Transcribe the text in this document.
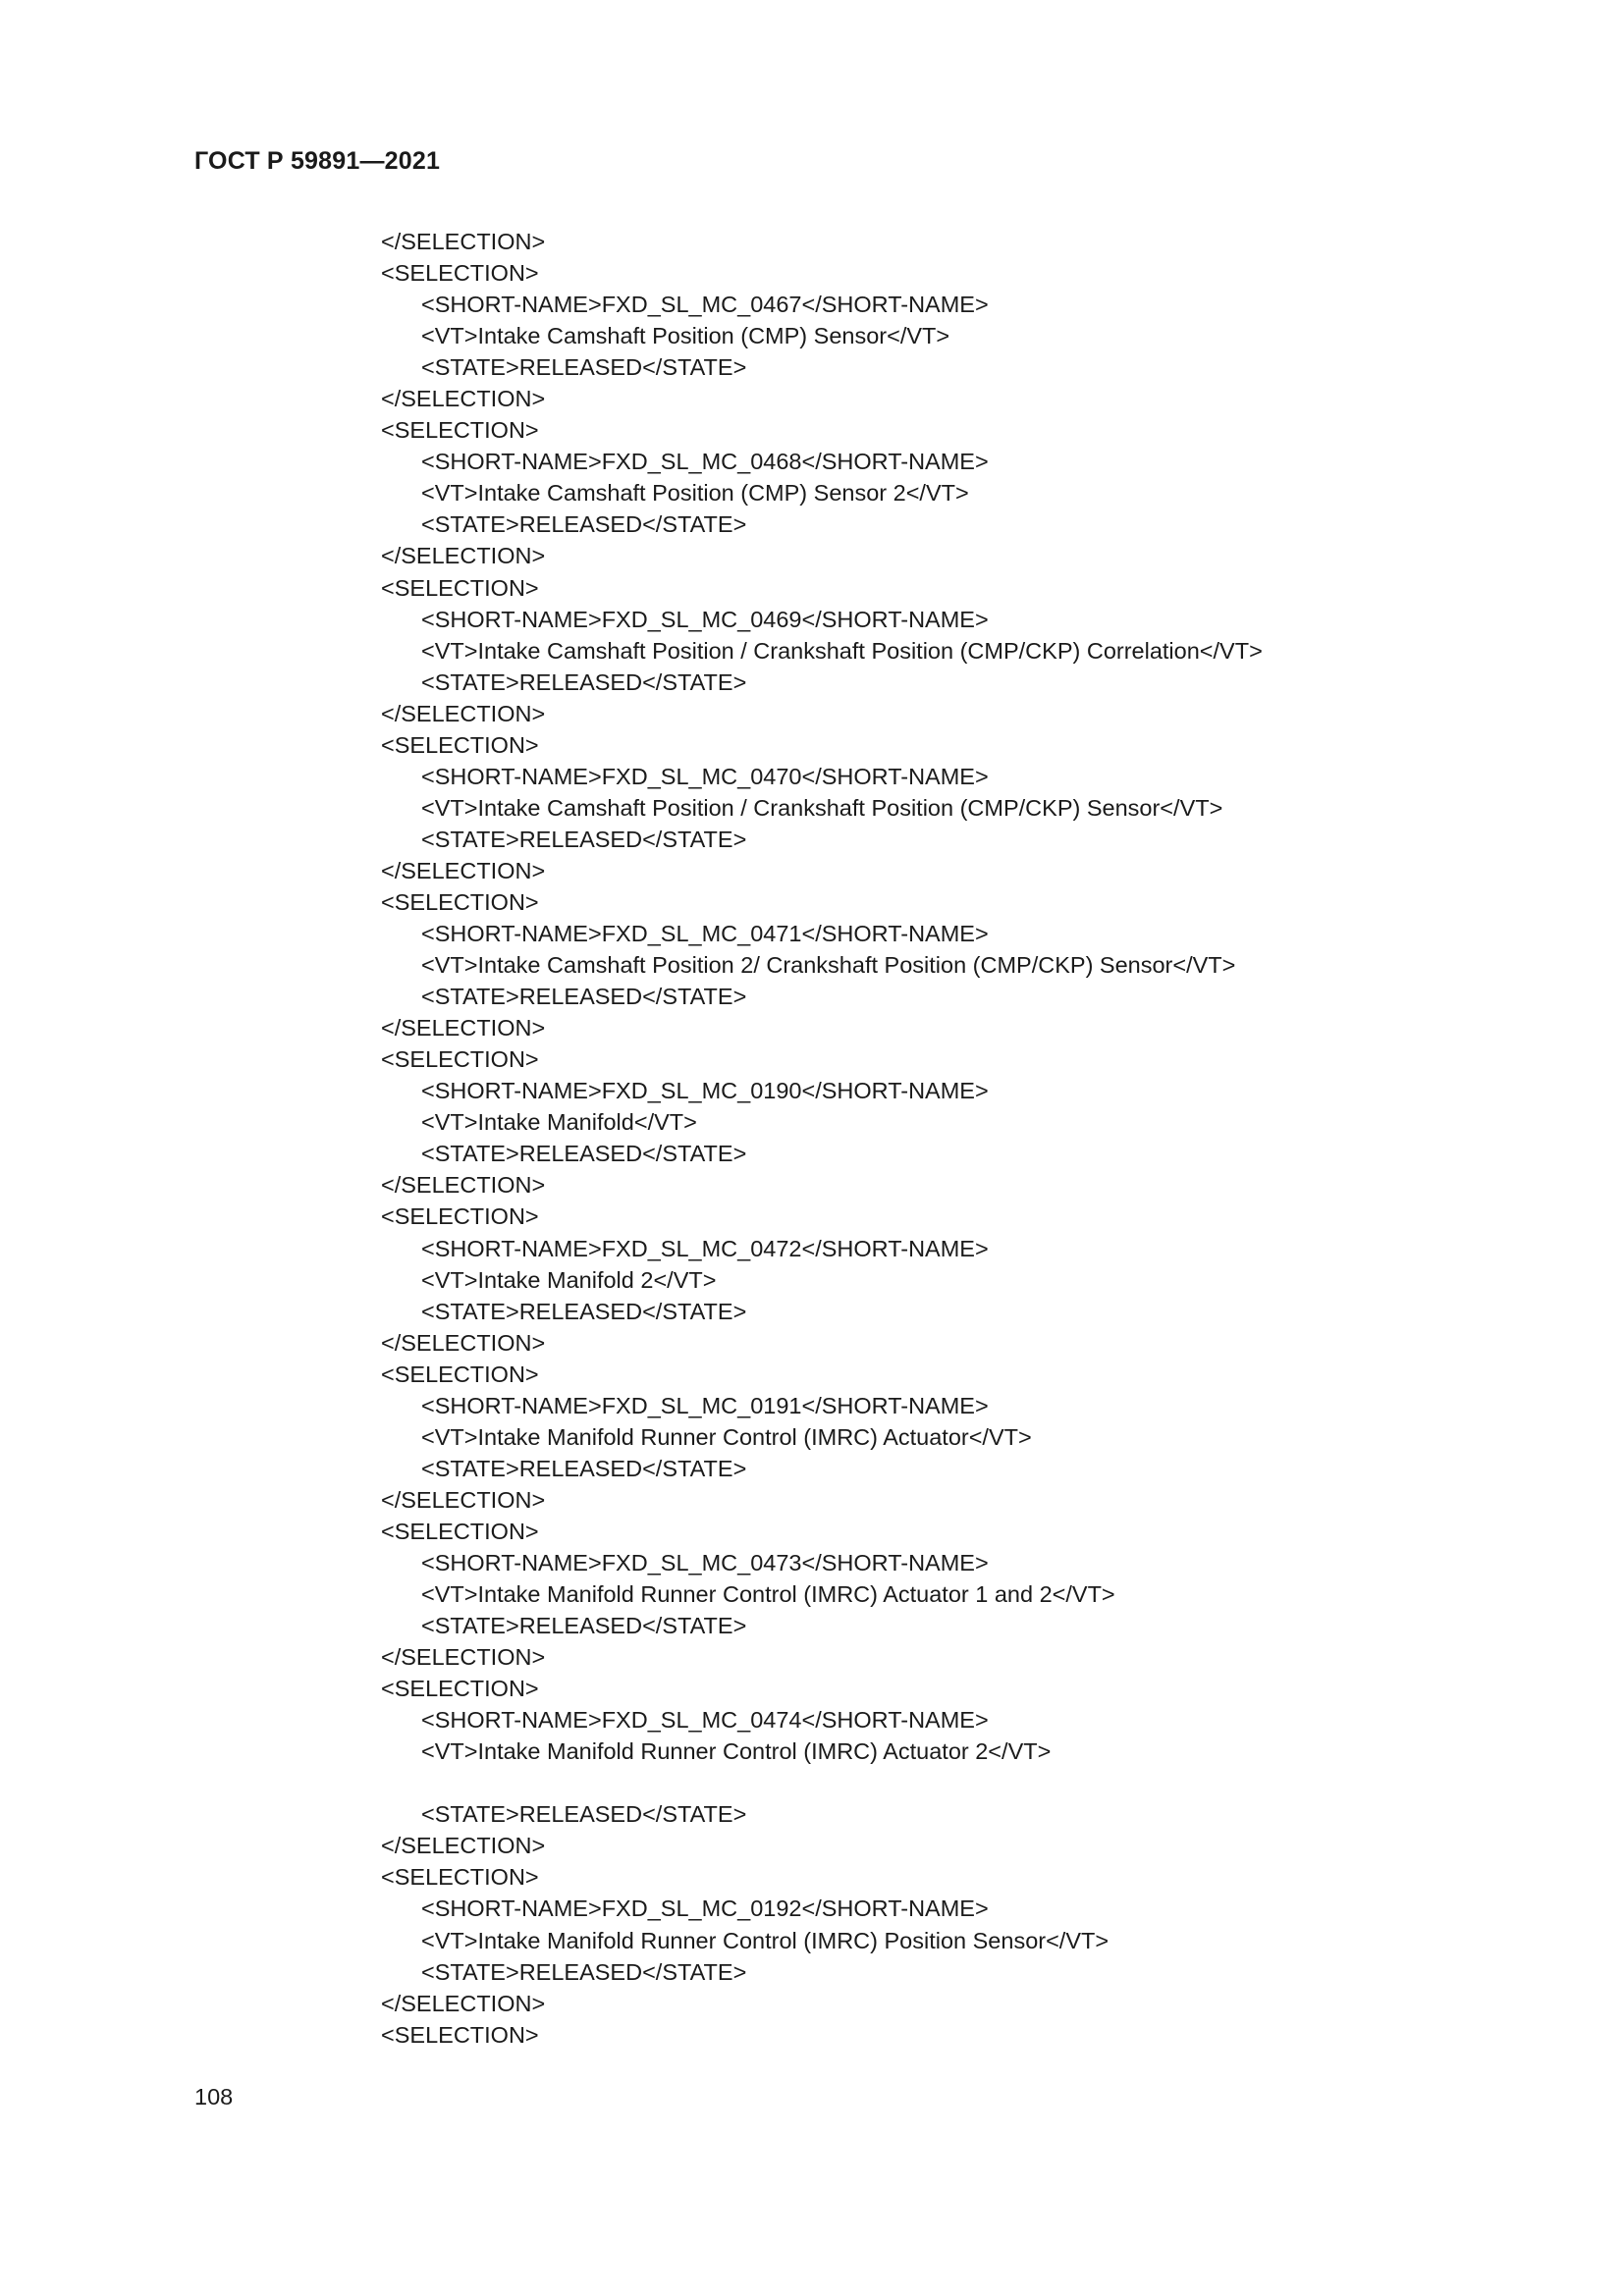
ГОСТ Р 59891—2021
</SELECTION>
<SELECTION>
<SHORT-NAME>FXD_SL_MC_0467</SHORT-NAME>
<VT>Intake Camshaft Position (CMP) Sensor</VT>
<STATE>RELEASED</STATE>
</SELECTION>
<SELECTION>
<SHORT-NAME>FXD_SL_MC_0468</SHORT-NAME>
<VT>Intake Camshaft Position (CMP) Sensor 2</VT>
<STATE>RELEASED</STATE>
</SELECTION>
<SELECTION>
<SHORT-NAME>FXD_SL_MC_0469</SHORT-NAME>
<VT>Intake Camshaft Position / Crankshaft Position (CMP/CKP) Correlation</VT>
<STATE>RELEASED</STATE>
</SELECTION>
<SELECTION>
<SHORT-NAME>FXD_SL_MC_0470</SHORT-NAME>
<VT>Intake Camshaft Position / Crankshaft Position (CMP/CKP) Sensor</VT>
<STATE>RELEASED</STATE>
</SELECTION>
<SELECTION>
<SHORT-NAME>FXD_SL_MC_0471</SHORT-NAME>
<VT>Intake Camshaft Position 2/ Crankshaft Position (CMP/CKP) Sensor</VT>
<STATE>RELEASED</STATE>
</SELECTION>
<SELECTION>
<SHORT-NAME>FXD_SL_MC_0190</SHORT-NAME>
<VT>Intake Manifold</VT>
<STATE>RELEASED</STATE>
</SELECTION>
<SELECTION>
<SHORT-NAME>FXD_SL_MC_0472</SHORT-NAME>
<VT>Intake Manifold 2</VT>
<STATE>RELEASED</STATE>
</SELECTION>
<SELECTION>
<SHORT-NAME>FXD_SL_MC_0191</SHORT-NAME>
<VT>Intake Manifold Runner Control (IMRC) Actuator</VT>
<STATE>RELEASED</STATE>
</SELECTION>
<SELECTION>
<SHORT-NAME>FXD_SL_MC_0473</SHORT-NAME>
<VT>Intake Manifold Runner Control (IMRC) Actuator 1 and 2</VT>
<STATE>RELEASED</STATE>
</SELECTION>
<SELECTION>
<SHORT-NAME>FXD_SL_MC_0474</SHORT-NAME>
<VT>Intake Manifold Runner Control (IMRC) Actuator 2</VT>
<STATE>RELEASED</STATE>
</SELECTION>
<SELECTION>
<SHORT-NAME>FXD_SL_MC_0192</SHORT-NAME>
<VT>Intake Manifold Runner Control (IMRC) Position Sensor</VT>
<STATE>RELEASED</STATE>
</SELECTION>
<SELECTION>
108
